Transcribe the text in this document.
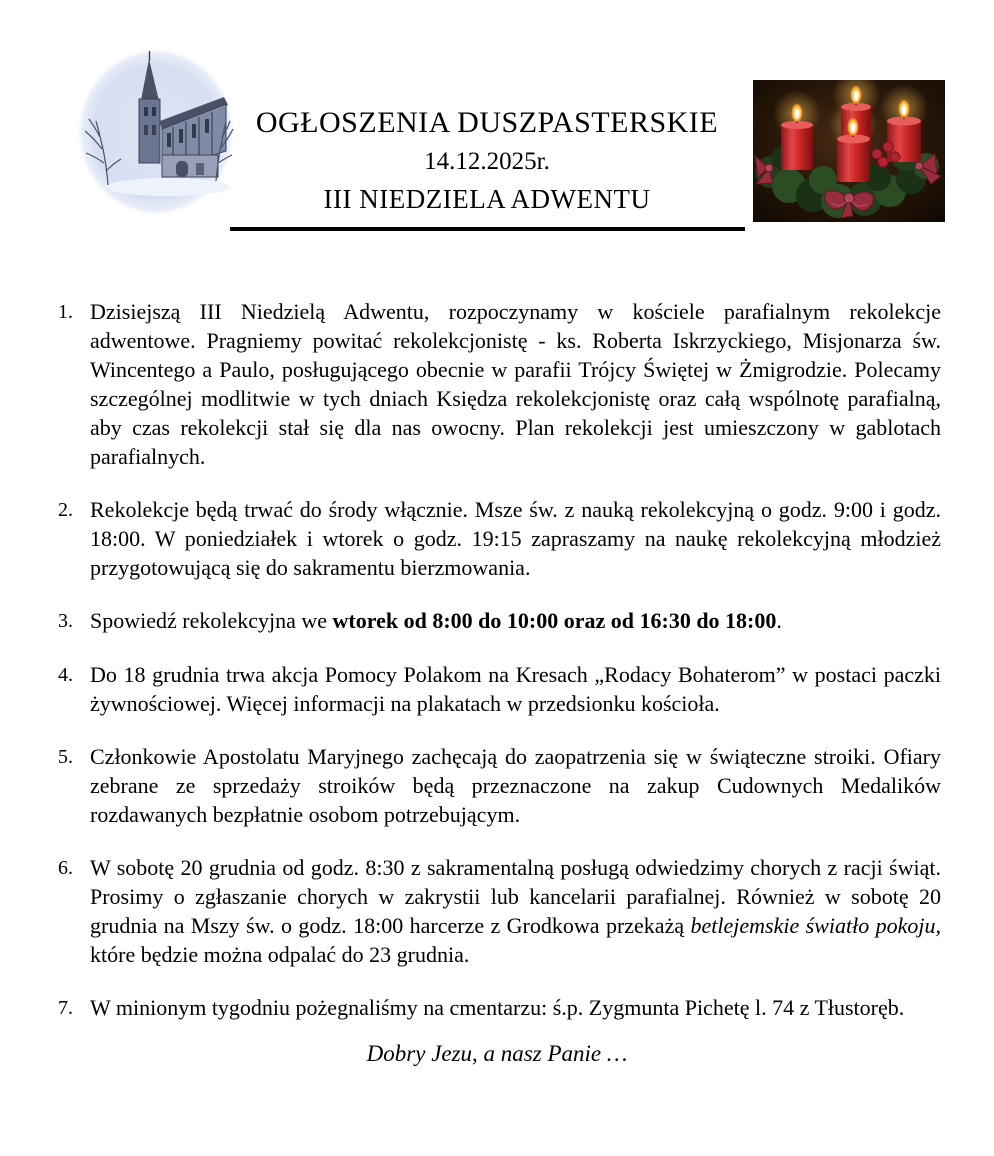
OGŁOSZENIA DUSZPASTERSKIE
14.12.2025r.
III NIEDZIELA ADWENTU
1. Dzisiejszą III Niedzielą Adwentu, rozpoczynamy w kościele parafialnym rekolekcje adwentowe. Pragniemy powitać rekolekcjonistę - ks. Roberta Iskrzyckiego, Misjonarza św. Wincentego a Paulo, posługującego obecnie w parafii Trójcy Świętej w Żmigrodzie. Polecamy szczególnej modlitwie w tych dniach Księdza rekolekcjonistę oraz całą wspólnotę parafialną, aby czas rekolekcji stał się dla nas owocny. Plan rekolekcji jest umieszczony w gablotach parafialnych.
2. Rekolekcje będą trwać do środy włącznie. Msze św. z nauką rekolekcyjną o godz. 9:00 i godz. 18:00. W poniedziałek i wtorek o godz. 19:15 zapraszamy na naukę rekolekcyjną młodzież przygotowującą się do sakramentu bierzmowania.
3. Spowiedź rekolekcyjna we wtorek od 8:00 do 10:00 oraz od 16:30 do 18:00.
4. Do 18 grudnia trwa akcja Pomocy Polakom na Kresach „Rodacy Bohaterom” w postaci paczki żywnościowej. Więcej informacji na plakatach w przedsionku kościoła.
5. Członkowie Apostolatu Maryjnego zachęcają do zaopatrzenia się w świąteczne stroiki. Ofiary zebrane ze sprzedaży stroików będą przeznaczone na zakup Cudownych Medalików rozdawanych bezpłatnie osobom potrzebującym.
6. W sobotę 20 grudnia od godz. 8:30 z sakramentalną posługą odwiedzimy chorych z racji świąt. Prosimy o zgłaszanie chorych w zakrystii lub kancelarii parafialnej. Również w sobotę 20 grudnia na Mszy św. o godz. 18:00 harcerze z Grodkowa przekażą betlejemskie światło pokoju, które będzie można odpalać do 23 grudnia.
7. W minionym tygodniu pożegnaliśmy na cmentarzu: ś.p. Zygmunta Pichetę l. 74 z Tłustoręb.
Dobry Jezu, a nasz Panie …
